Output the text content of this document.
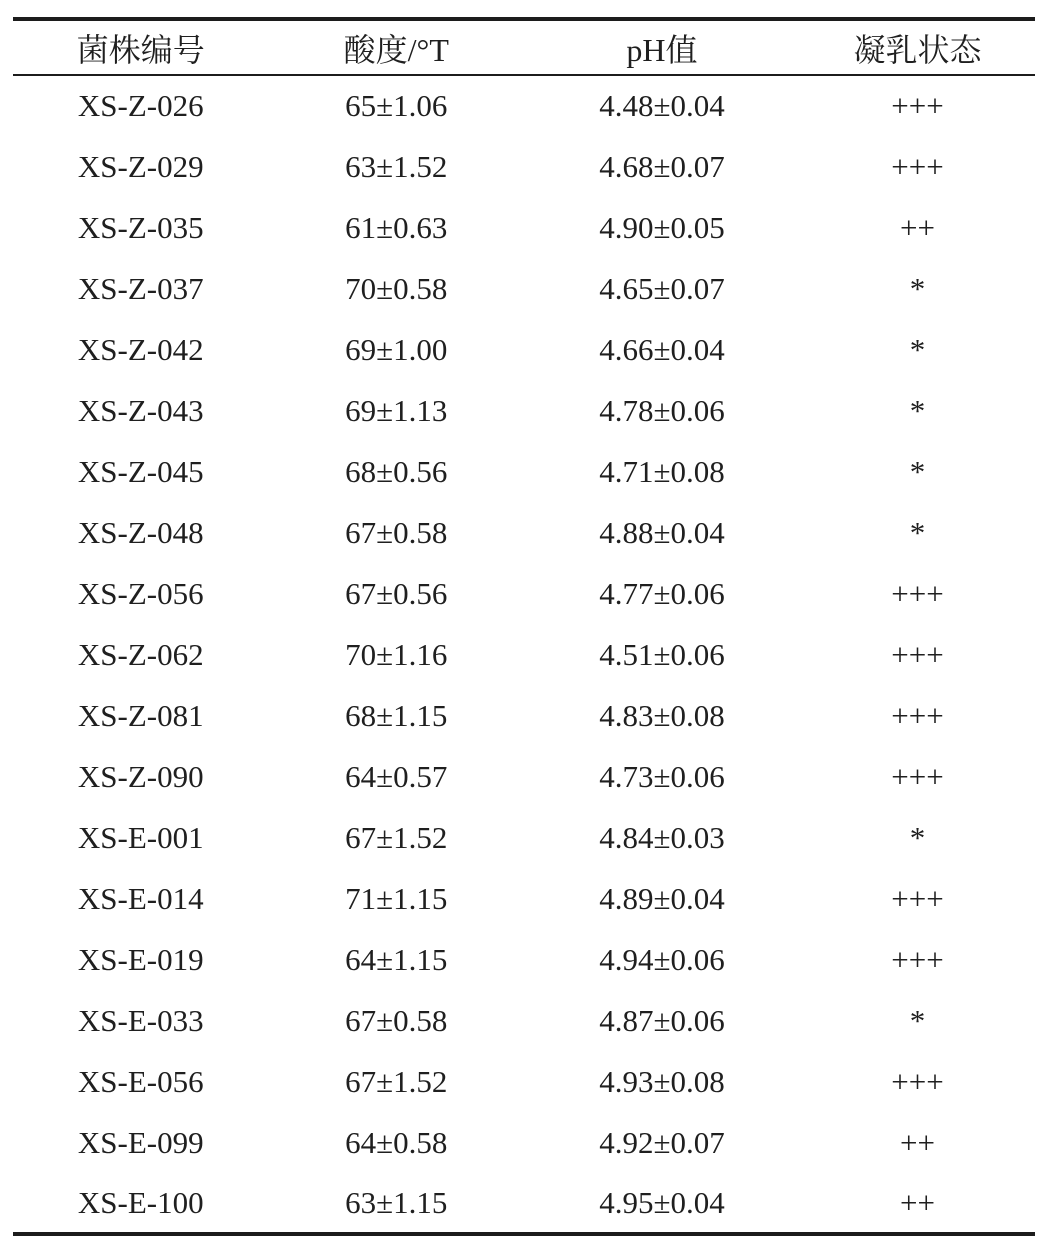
菌株编号	酸度/°T	pH值	凝乳状态
XS-Z-026	65±1.06	4.48±0.04	+++
XS-Z-029	63±1.52	4.68±0.07	+++
XS-Z-035	61±0.63	4.90±0.05	++
XS-Z-037	70±0.58	4.65±0.07	*
XS-Z-042	69±1.00	4.66±0.04	*
XS-Z-043	69±1.13	4.78±0.06	*
XS-Z-045	68±0.56	4.71±0.08	*
XS-Z-048	67±0.58	4.88±0.04	*
XS-Z-056	67±0.56	4.77±0.06	+++
XS-Z-062	70±1.16	4.51±0.06	+++
XS-Z-081	68±1.15	4.83±0.08	+++
XS-Z-090	64±0.57	4.73±0.06	+++
XS-E-001	67±1.52	4.84±0.03	*
XS-E-014	71±1.15	4.89±0.04	+++
XS-E-019	64±1.15	4.94±0.06	+++
XS-E-033	67±0.58	4.87±0.06	*
XS-E-056	67±1.52	4.93±0.08	+++
XS-E-099	64±0.58	4.92±0.07	++
XS-E-100	63±1.15	4.95±0.04	++
